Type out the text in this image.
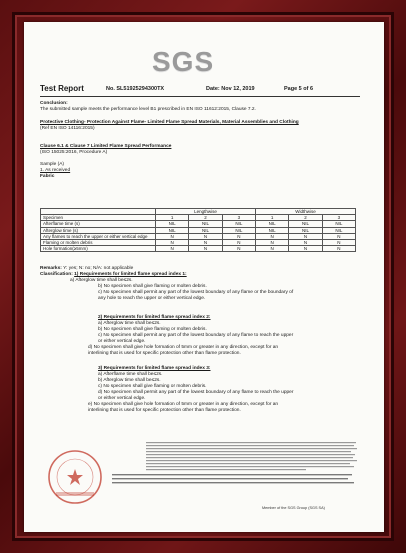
SGS
Test Report	No. SL51925294300TX	Date: Nov 12, 2019	Page 5 of 6
Conclusion:
The submitted sample meets the performance level B1 prescribed in EN ISO 11612:2015, Clause 7.2.
Protective Clothing- Protection Against Flame- Limited Flame Spread Materials, Material Assemblies and Clothing
(Ref EN ISO 14116:2015)
Clause 6.1 & Clause 7 Limited Flame Spread Performance
(ISO 15025:2016, Procedure A)
Sample (A)
1. As received
Fabric
	Lengthwise			Widthwise		
Specimen	1	2	3	1	2	3
Afterflame time (s)	NIL	NIL	NIL	NIL	NIL	NIL
Afterglow time (s)	NIL	NIL	NIL	NIL	NIL	NIL
Any flames to reach the upper or either vertical edge	N	N	N	N	N	N
Flaming or molten debris	N	N	N	N	N	N
Hole formation(≥5mm)	N	N	N	N	N	N
Remarks: Y: yes; N: no; N/A: not applicable
Classification: 1) Requirements for limited flame spread index 1:
a) Afterglow time shall be≤2s.
b) No specimen shall give flaming or molten debris.
c) No specimen shall permit any part of the lowest boundary of any flame or the boundary of
any hole to reach the upper or either vertical edge.
2) Requirements for limited flame spread index 2:
a) Afterglow time shall be≤2s.
b) No specimen shall give flaming or molten debris.
c) No specimen shall permit any part of the lowest boundary of any flame to reach the upper
or either vertical edge.
d) No specimen shall give hole formation of 5mm or greater in any direction, except for an
interlining that is used for specific protection other than flame protection.
3) Requirements for limited flame spread index 3:
a) Afterflame time shall be≤2s.
b) Afterglow time shall be≤2s.
c) No specimen shall give flaming or molten debris.
d) No specimen shall permit any part of the lowest boundary of any flame to reach the upper
or either vertical edge.
e) No specimen shall give hole formation of 5mm or greater in any direction, except for an
interlining that is used for specific protection other than flame protection.
Member of the SGS Group (SGS SA)
